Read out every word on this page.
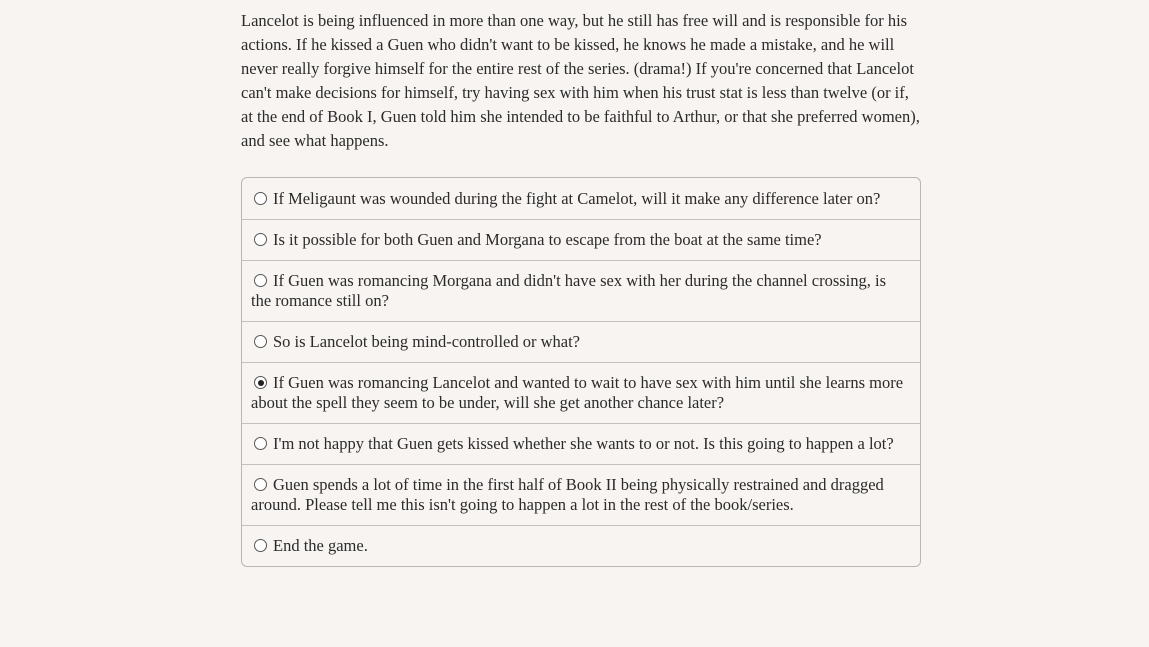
Lancelot is being influenced in more than one way, but he still has free will and is responsible for his actions. If he kissed a Guen who didn't want to be kissed, he knows he made a mistake, and he will never really forgive himself for the entire rest of the series. (drama!) If you're concerned that Lancelot can't make decisions for himself, try having sex with him when his trust stat is less than twelve (or if, at the end of Book I, Guen told him she intended to be faithful to Arthur, or that she preferred women), and see what happens.

If Meligaunt was wounded during the fight at Camelot, will it make any difference later on?
Is it possible for both Guen and Morgana to escape from the boat at the same time?
If Guen was romancing Morgana and didn't have sex with her during the channel crossing, is the romance still on?
So is Lancelot being mind-controlled or what?
If Guen was romancing Lancelot and wanted to wait to have sex with him until she learns more about the spell they seem to be under, will she get another chance later?
I'm not happy that Guen gets kissed whether she wants to or not. Is this going to happen a lot?
Guen spends a lot of time in the first half of Book II being physically restrained and dragged around. Please tell me this isn't going to happen a lot in the rest of the book/series.
End the game.
